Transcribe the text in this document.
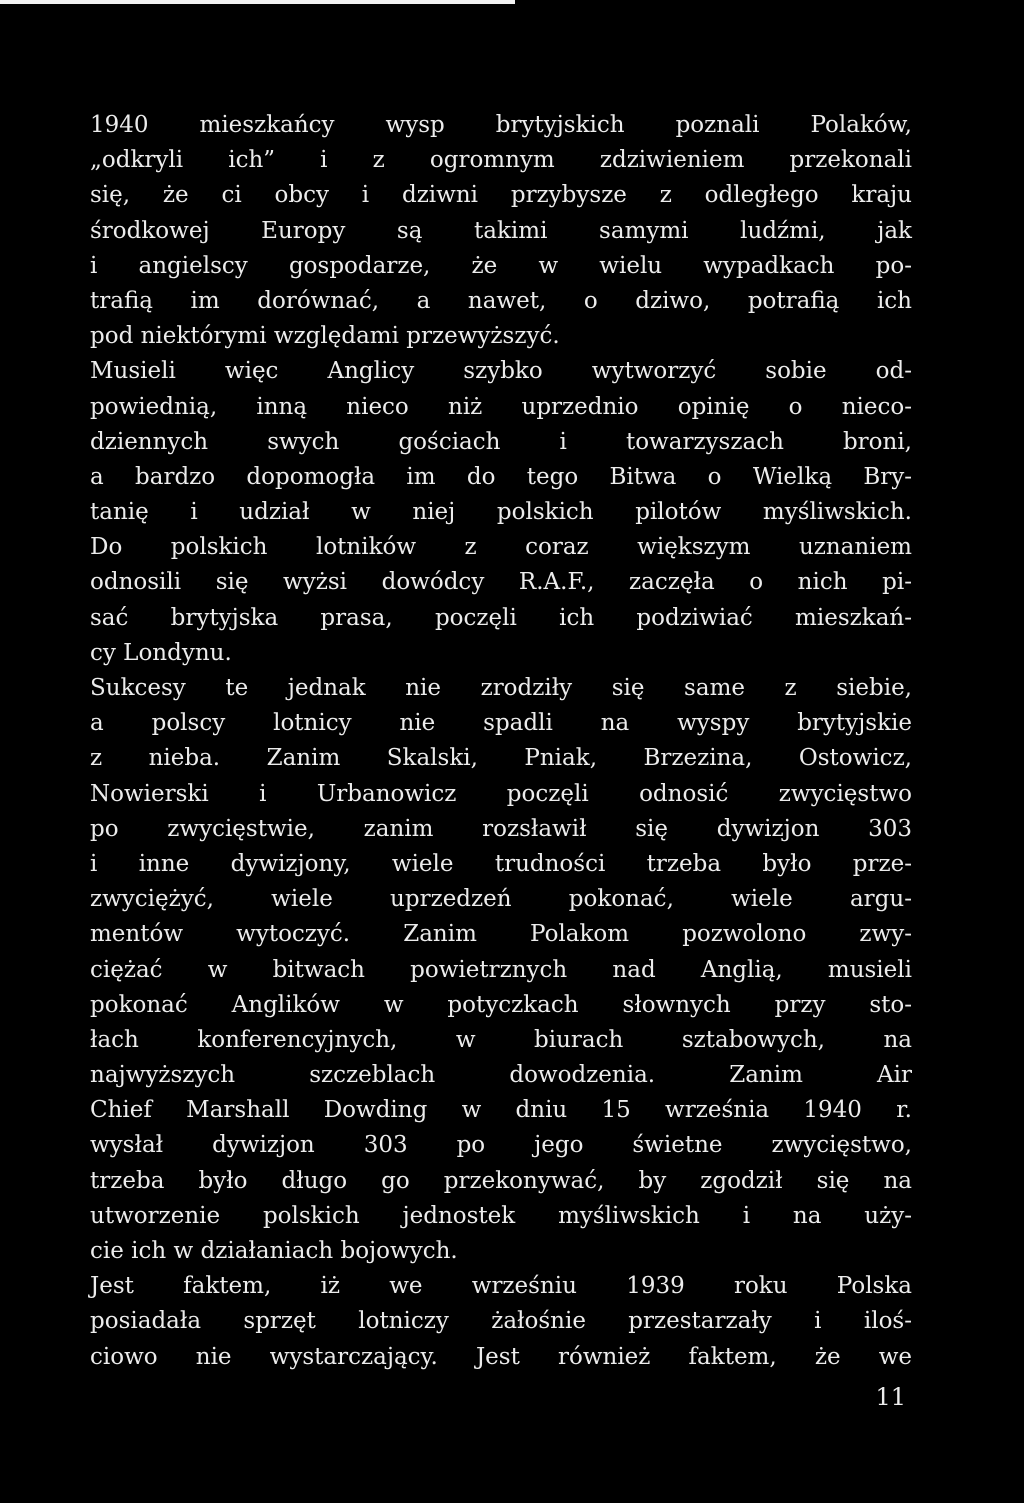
1940 mieszkańcy wysp brytyjskich poznali Polaków,
„odkryli ich” i z ogromnym zdziwieniem przekonali
się, że ci obcy i dziwni przybysze z odległego kraju
środkowej Europy są takimi samymi ludźmi, jak
i angielscy gospodarze, że w wielu wypadkach po-
trafią im dorównać, a nawet, o dziwo, potrafią ich
pod niektórymi względami przewyższyć.
Musieli więc Anglicy szybko wytworzyć sobie od-
powiednią, inną nieco niż uprzednio opinię o nieco-
dziennych swych gościach i towarzyszach broni,
a bardzo dopomogła im do tego Bitwa o Wielką Bry-
tanię i udział w niej polskich pilotów myśliwskich.
Do polskich lotników z coraz większym uznaniem
odnosili się wyżsi dowódcy R.A.F., zaczęła o nich pi-
sać brytyjska prasa, poczęli ich podziwiać mieszkań-
cy Londynu.
Sukcesy te jednak nie zrodziły się same z siebie,
a polscy lotnicy nie spadli na wyspy brytyjskie
z nieba. Zanim Skalski, Pniak, Brzezina, Ostowicz,
Nowierski i Urbanowicz poczęli odnosić zwycięstwo
po zwycięstwie, zanim rozsławił się dywizjon 303
i inne dywizjony, wiele trudności trzeba było prze-
zwyciężyć, wiele uprzedzeń pokonać, wiele argu-
mentów wytoczyć. Zanim Polakom pozwolono zwy-
ciężać w bitwach powietrznych nad Anglią, musieli
pokonać Anglików w potyczkach słownych przy sto-
łach konferencyjnych, w biurach sztabowych, na
najwyższych szczeblach dowodzenia. Zanim Air
Chief Marshall Dowding w dniu 15 września 1940 r.
wysłał dywizjon 303 po jego świetne zwycięstwo,
trzeba było długo go przekonywać, by zgodził się na
utworzenie polskich jednostek myśliwskich i na uży-
cie ich w działaniach bojowych.
Jest faktem, iż we wrześniu 1939 roku Polska
posiadała sprzęt lotniczy żałośnie przestarzały i iloś-
ciowo nie wystarczający. Jest również faktem, że we
11
